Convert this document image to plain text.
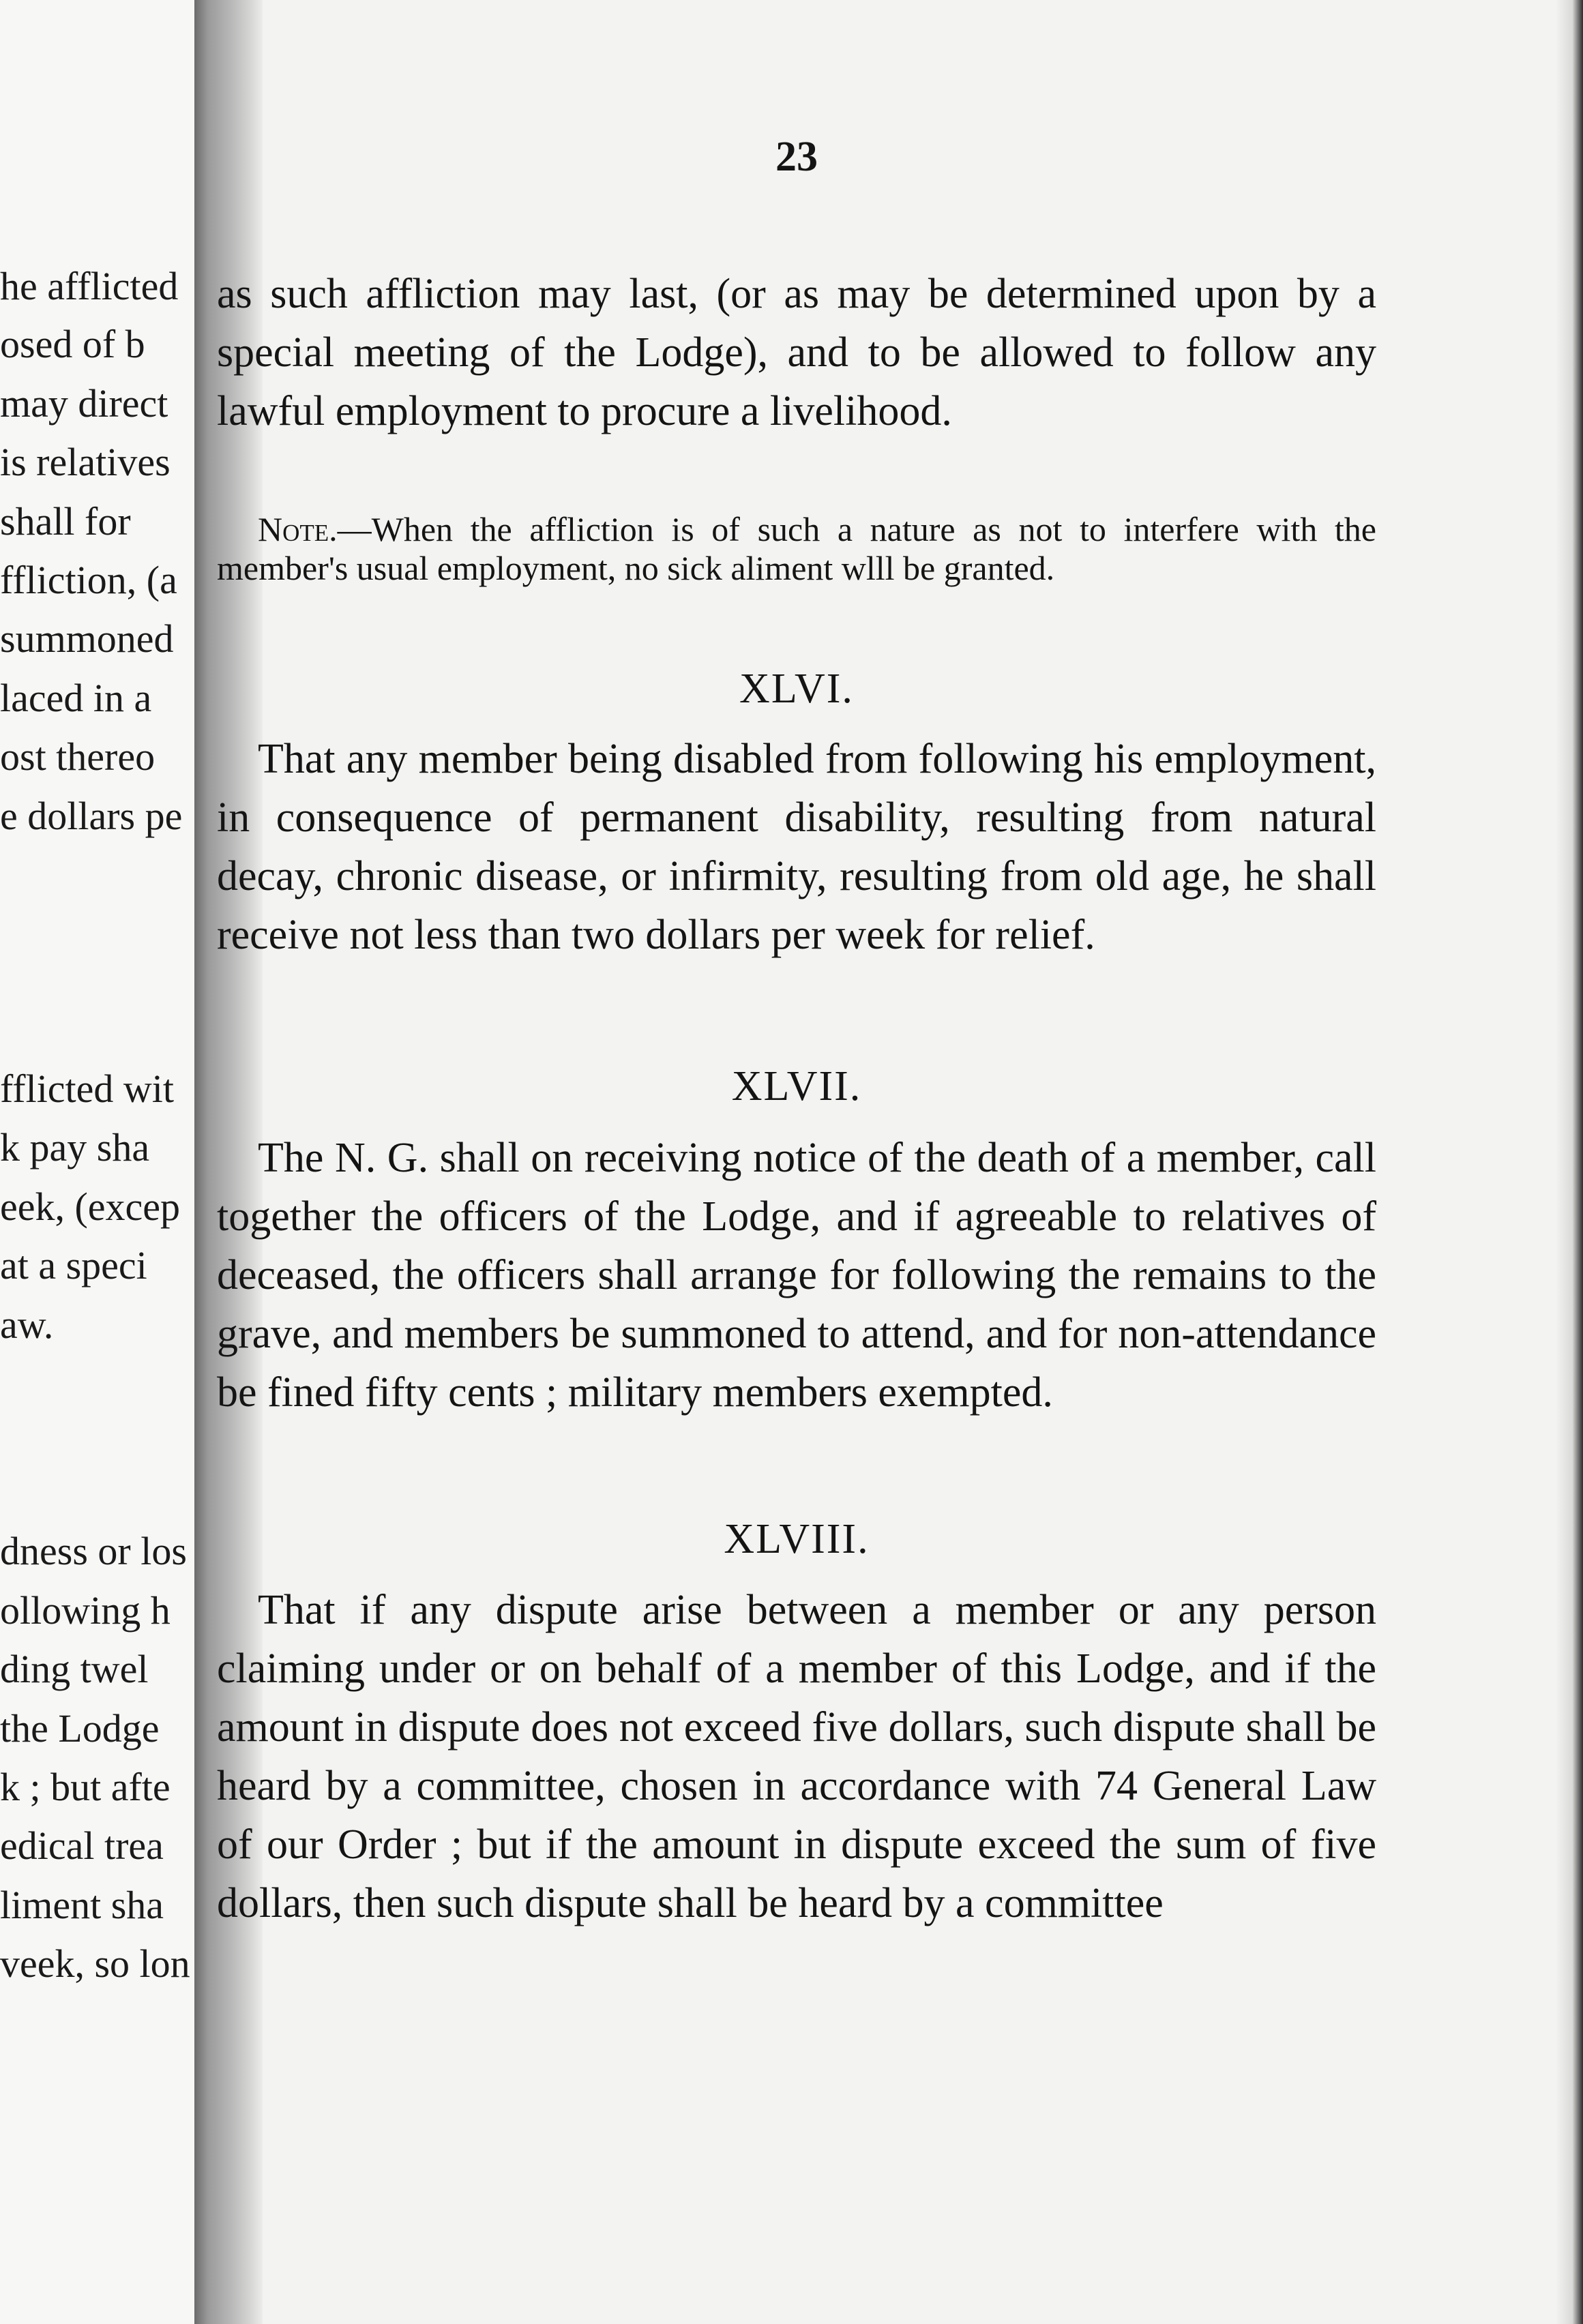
he afflicted
osed of b
may direct
is relatives
shall for
ffliction, (a
summoned
laced in a
ost thereo
e dollars pe
fflicted wit
k pay sha
eek, (excep
at a speci
aw.
dness or los
ollowing h
ding twel
the Lodge
k ; but afte
edical trea
liment sha
veek, so lon
23
as such affliction may last, (or as may be determined upon by a special meeting of the Lodge), and to be allowed to follow any lawful employment to procure a livelihood.
Note.—When the affliction is of such a nature as not to interfere with the member's usual employment, no sick aliment wlll be granted.
XLVI.
That any member being disabled from following his employment, in consequence of permanent disability, resulting from natural decay, chronic disease, or infirmity, resulting from old age, he shall receive not less than two dollars per week for relief.
XLVII.
The N. G. shall on receiving notice of the death of a member, call together the officers of the Lodge, and if agreeable to relatives of deceased, the officers shall arrange for following the remains to the grave, and members be summoned to attend, and for non-attendance be fined fifty cents ; military members exempted.
XLVIII.
That if any dispute arise between a member or any person claiming under or on behalf of a member of this Lodge, and if the amount in dispute does not exceed five dollars, such dispute shall be heard by a committee, chosen in accordance with 74 General Law of our Order ; but if the amount in dispute exceed the sum of five dollars, then such dispute shall be heard by a committee
